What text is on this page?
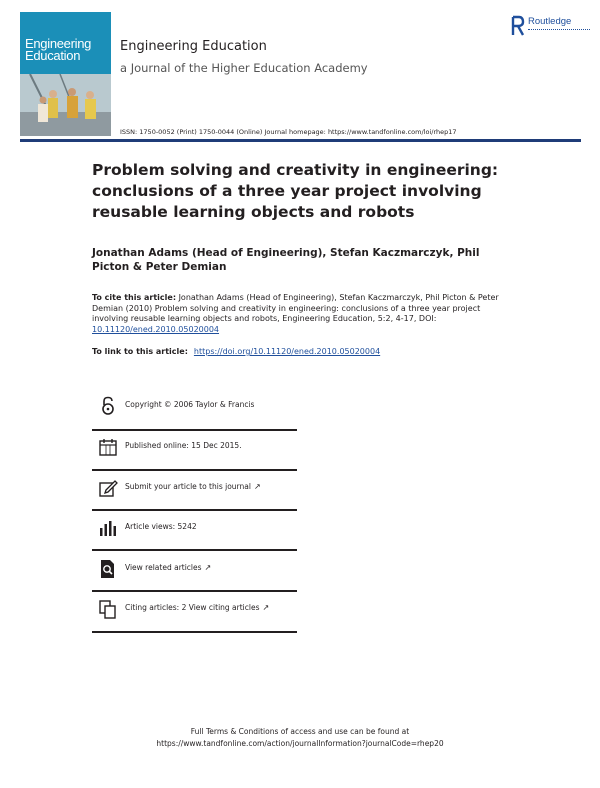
Engineering
Education
Engineering Education
a Journal of the Higher Education Academy
Routledge
ISSN: 1750-0052 (Print) 1750-0044 (Online) Journal homepage: https://www.tandfonline.com/loi/rhep17
Problem solving and creativity in engineering: conclusions of a three year project involving reusable learning objects and robots
Jonathan Adams (Head of Engineering), Stefan Kaczmarczyk, Phil Picton & Peter Demian
To cite this article: Jonathan Adams (Head of Engineering), Stefan Kaczmarczyk, Phil Picton & Peter Demian (2010) Problem solving and creativity in engineering: conclusions of a three year project involving reusable learning objects and robots, Engineering Education, 5:2, 4-17, DOI: 10.11120/ened.2010.05020004
To link to this article: https://doi.org/10.11120/ened.2010.05020004
Copyright © 2006 Taylor & Francis
Published online: 15 Dec 2015.
Submit your article to this journal ↗
Article views: 5242
View related articles ↗
Citing articles: 2 View citing articles ↗
Full Terms & Conditions of access and use can be found at
https://www.tandfonline.com/action/journalInformation?journalCode=rhep20
